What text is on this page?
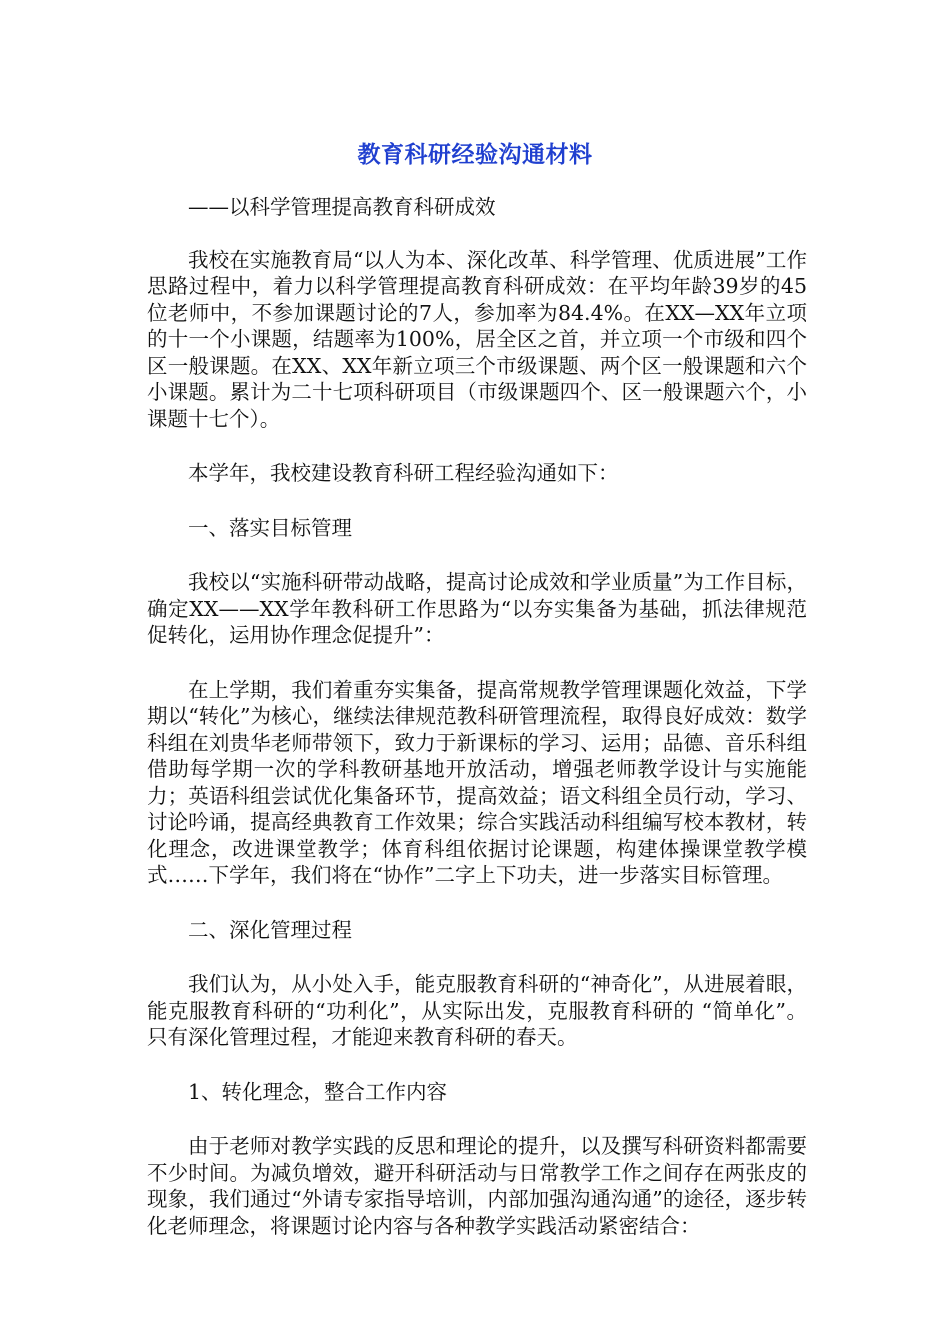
教育科研经验沟通材料

——以科学管理提高教育科研成效

我校在实施教育局“以人为本、深化改革、科学管理、优质进展”工作思路过程中，着力以科学管理提高教育科研成效：在平均年龄39岁的45位老师中，不参加课题讨论的7人，参加率为84.4%。在XX—XX年立项的十一个小课题，结题率为100%，居全区之首，并立项一个市级和四个区一般课题。在XX、XX年新立项三个市级课题、两个区一般课题和六个小课题。累计为二十七项科研项目（市级课题四个、区一般课题六个，小课题十七个）。

本学年，我校建设教育科研工程经验沟通如下：

一、落实目标管理

我校以“实施科研带动战略，提高讨论成效和学业质量”为工作目标，确定XX——XX学年教科研工作思路为“以夯实集备为基础，抓法律规范促转化，运用协作理念促提升”：

在上学期，我们着重夯实集备，提高常规教学管理课题化效益，下学期以“转化”为核心，继续法律规范教科研管理流程，取得良好成效：数学科组在刘贵华老师带领下，致力于新课标的学习、运用；品德、音乐科组借助每学期一次的学科教研基地开放活动，增强老师教学设计与实施能力；英语科组尝试优化集备环节，提高效益；语文科组全员行动，学习、讨论吟诵，提高经典教育工作效果；综合实践活动科组编写校本教材，转化理念，改进课堂教学；体育科组依据讨论课题，构建体操课堂教学模式……下学年，我们将在“协作”二字上下功夫，进一步落实目标管理。

二、深化管理过程

我们认为，从小处入手，能克服教育科研的“神奇化”，从进展着眼，能克服教育科研的“功利化”，从实际出发，克服教育科研的 “简单化”。只有深化管理过程，才能迎来教育科研的春天。

1、转化理念，整合工作内容

由于老师对教学实践的反思和理论的提升，以及撰写科研资料都需要不少时间。为减负增效，避开科研活动与日常教学工作之间存在两张皮的现象，我们通过“外请专家指导培训，内部加强沟通沟通”的途径，逐步转化老师理念，将课题讨论内容与各种教学实践活动紧密结合：
